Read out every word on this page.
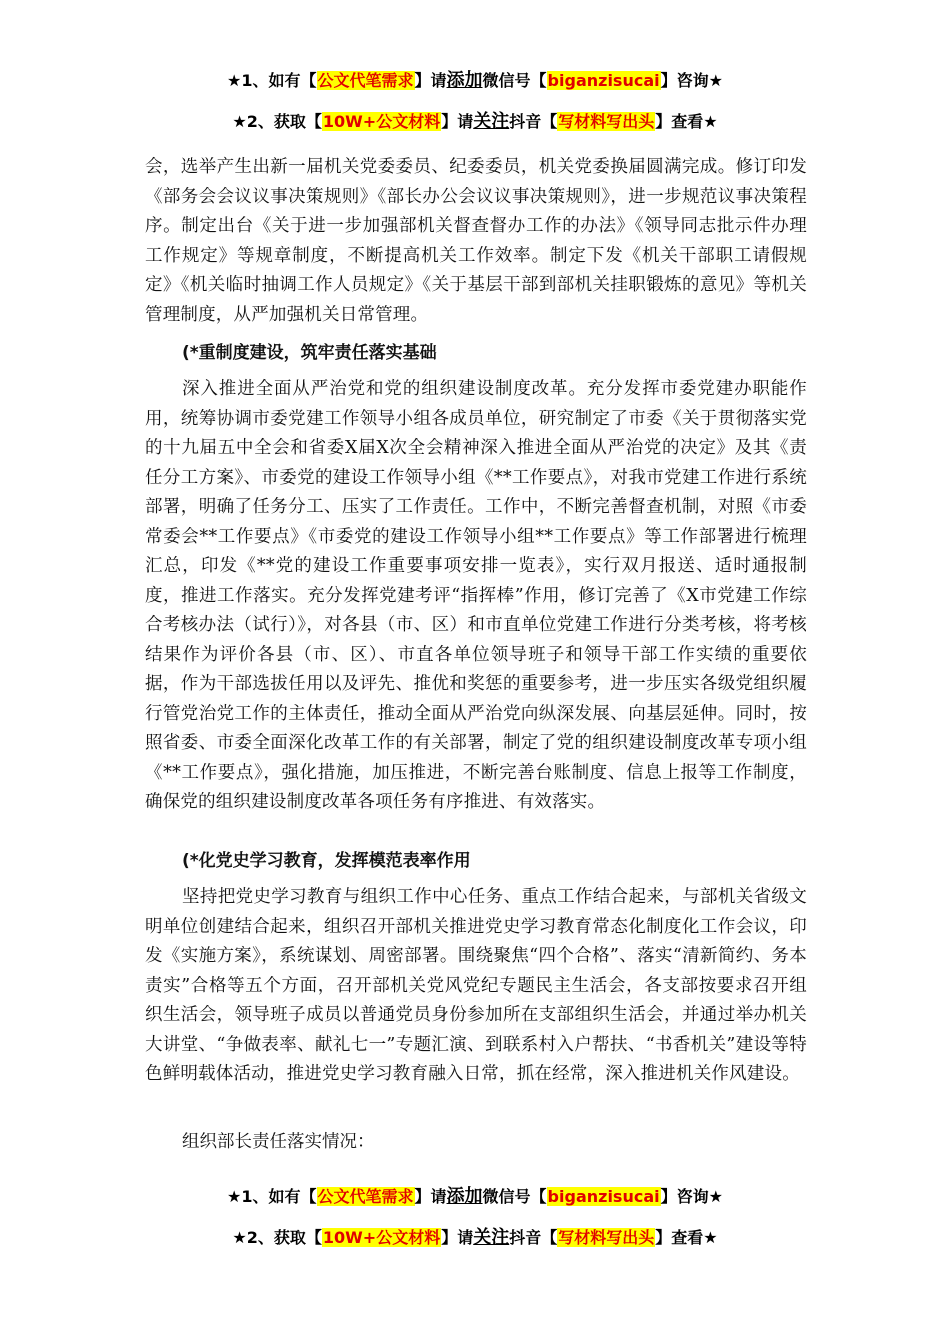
★1、如有【公文代笔需求】请添加微信号【biganzisucai】咨询★
★2、获取【10W+公文材料】请关注抖音【写材料写出头】查看★

会，选举产生出新一届机关党委委员、纪委委员，机关党委换届圆满完成。修订印发《部务会会议议事决策规则》《部长办公会议议事决策规则》，进一步规范议事决策程序。制定出台《关于进一步加强部机关督查督办工作的办法》《领导同志批示件办理工作规定》等规章制度，不断提高机关工作效率。制定下发《机关干部职工请假规定》《机关临时抽调工作人员规定》《关于基层干部到部机关挂职锻炼的意见》等机关管理制度，从严加强机关日常管理。

(*重制度建设，筑牢责任落实基础

深入推进全面从严治党和党的组织建设制度改革。充分发挥市委党建办职能作用，统筹协调市委党建工作领导小组各成员单位，研究制定了市委《关于贯彻落实党的十九届五中全会和省委X届X次全会精神深入推进全面从严治党的决定》及其《责任分工方案》、市委党的建设工作领导小组《**工作要点》，对我市党建工作进行系统部署，明确了任务分工、压实了工作责任。工作中，不断完善督查机制，对照《市委常委会**工作要点》《市委党的建设工作领导小组**工作要点》等工作部署进行梳理汇总，印发《**党的建设工作重要事项安排一览表》，实行双月报送、适时通报制度，推进工作落实。充分发挥党建考评“指挥棒”作用，修订完善了《X市党建工作综合考核办法（试行）》，对各县（市、区）和市直单位党建工作进行分类考核，将考核结果作为评价各县（市、区）、市直各单位领导班子和领导干部工作实绩的重要依据，作为干部选拔任用以及评先、推优和奖惩的重要参考，进一步压实各级党组织履行管党治党工作的主体责任，推动全面从严治党向纵深发展、向基层延伸。同时，按照省委、市委全面深化改革工作的有关部署，制定了党的组织建设制度改革专项小组《**工作要点》，强化措施，加压推进，不断完善台账制度、信息上报等工作制度，确保党的组织建设制度改革各项任务有序推进、有效落实。

(*化党史学习教育，发挥模范表率作用

坚持把党史学习教育与组织工作中心任务、重点工作结合起来，与部机关省级文明单位创建结合起来，组织召开部机关推进党史学习教育常态化制度化工作会议，印发《实施方案》，系统谋划、周密部署。围绕聚焦“四个合格”、落实“清新简约、务本责实”合格等五个方面，召开部机关党风党纪专题民主生活会，各支部按要求召开组织生活会，领导班子成员以普通党员身份参加所在支部组织生活会，并通过举办机关大讲堂、“争做表率、献礼七一”专题汇演、到联系村入户帮扶、“书香机关”建设等特色鲜明载体活动，推进党史学习教育融入日常，抓在经常，深入推进机关作风建设。

组织部长责任落实情况：
★1、如有【公文代笔需求】请添加微信号【biganzisucai】咨询★
★2、获取【10W+公文材料】请关注抖音【写材料写出头】查看★
